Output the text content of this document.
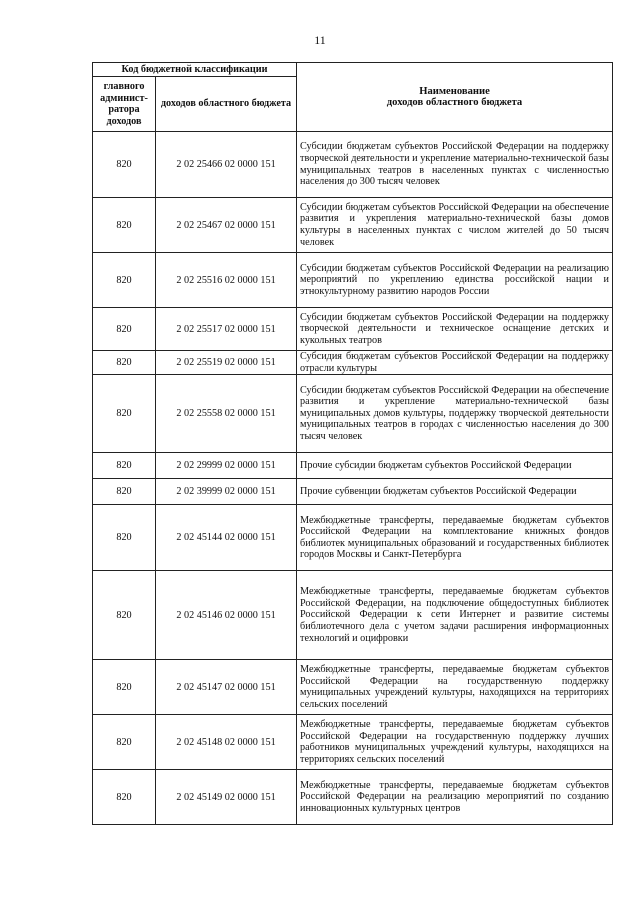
11
Код бюджетной классификации		Наименование
доходов областного бюджета

главного админист-ратора доходов	доходов областного бюджета	
820	2 02 25466 02 0000 151	Субсидии бюджетам субъектов Российской Федерации на поддержку творческой деятельности и укрепление материально-технической базы муниципальных театров в населенных пунктах с численностью населения до 300 тысяч человек
820	2 02 25467 02 0000 151	Субсидии бюджетам субъектов Российской Федерации на обеспечение развития и укрепления материально-технической базы домов культуры в населенных пунктах с числом жителей до 50 тысяч человек
820	2 02 25516 02 0000 151	Субсидии бюджетам субъектов Российской Федерации на реализацию мероприятий по укреплению единства российской нации и этнокультурному развитию народов России
820	2 02 25517 02 0000 151	Субсидии бюджетам субъектов Российской Федерации на поддержку творческой деятельности и техническое оснащение детских и кукольных театров
820	2 02 25519 02 0000 151	Субсидия бюджетам субъектов Российской Федерации на поддержку отрасли культуры
820	2 02 25558 02 0000 151	Субсидии бюджетам субъектов Российской Федерации на обеспечение развития и укрепление материально-технической базы муниципальных домов культуры, поддержку творческой деятельности муниципальных театров в городах с численностью населения до 300 тысяч человек
820	2 02 29999 02 0000 151	Прочие субсидии бюджетам субъектов Российской Федерации
820	2 02 39999 02 0000 151	Прочие субвенции бюджетам субъектов Российской Федерации
820	2 02 45144 02 0000 151	Межбюджетные трансферты, передаваемые бюджетам субъектов Российской Федерации на комплектование книжных фондов библиотек муниципальных образований и государственных библиотек городов Москвы и Санкт-Петербурга
820	2 02 45146 02 0000 151	Межбюджетные трансферты, передаваемые бюджетам субъектов Российской Федерации, на подключение общедоступных библиотек Российской Федерации к сети Интернет и развитие системы библиотечного дела с учетом задачи расширения информационных технологий и оцифровки
820	2 02 45147 02 0000 151	Межбюджетные трансферты, передаваемые бюджетам субъектов Российской Федерации на государственную поддержку муниципальных учреждений культуры, находящихся на территориях сельских поселений
820	2 02 45148 02 0000 151	Межбюджетные трансферты, передаваемые бюджетам субъектов Российской Федерации на государственную поддержку лучших работников муниципальных учреждений культуры, находящихся на территориях сельских поселений
820	2 02 45149 02 0000 151	Межбюджетные трансферты, передаваемые бюджетам субъектов Российской Федерации на реализацию мероприятий по созданию инновационных культурных центров
